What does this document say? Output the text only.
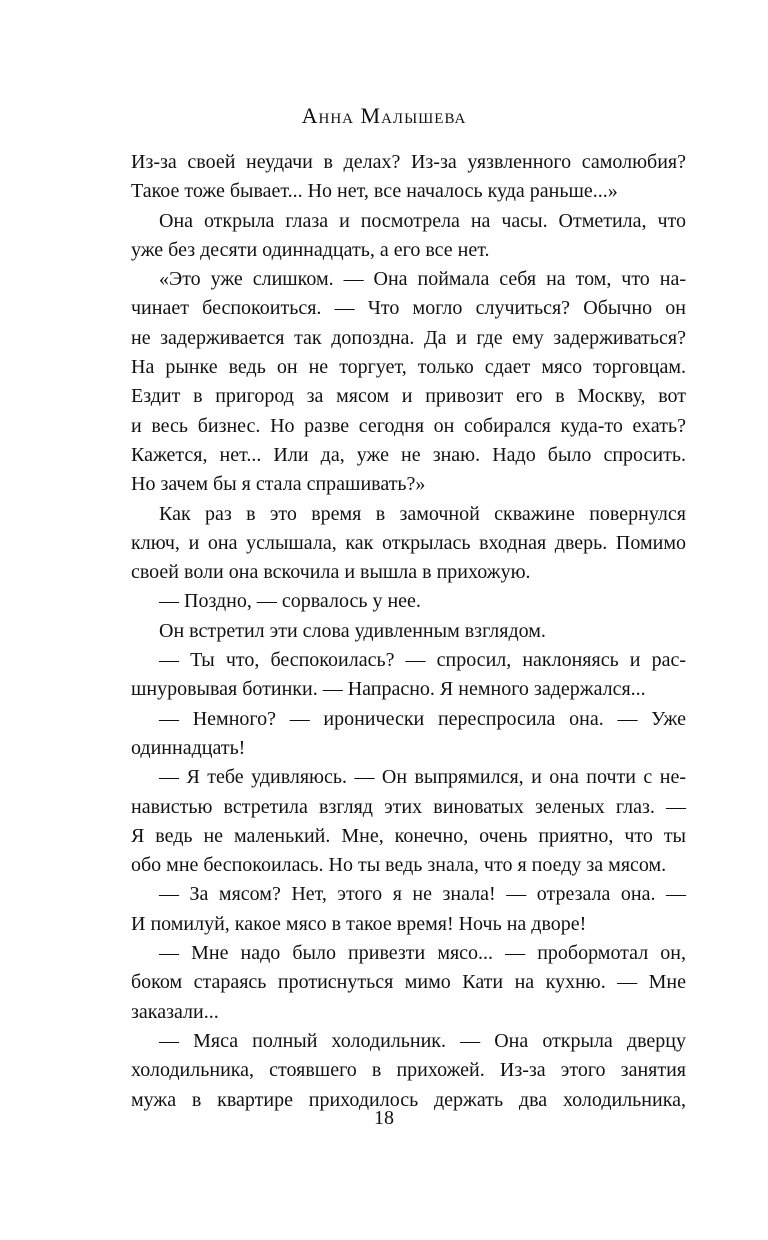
Анна Малышева
Из-за своей неудачи в делах? Из-за уязвленного самолюбия?
Такое тоже бывает... Но нет, все началось куда раньше...»
Она открыла глаза и посмотрела на часы. Отметила, что
уже без десяти одиннадцать, а его все нет.
«Это уже слишком. — Она поймала себя на том, что на-
чинает беспокоиться. — Что могло случиться? Обычно он
не задерживается так допоздна. Да и где ему задерживаться?
На рынке ведь он не торгует, только сдает мясо торговцам.
Ездит в пригород за мясом и привозит его в Москву, вот
и весь бизнес. Но разве сегодня он собирался куда-то ехать?
Кажется, нет... Или да, уже не знаю. Надо было спросить.
Но зачем бы я стала спрашивать?»
Как раз в это время в замочной скважине повернулся
ключ, и она услышала, как открылась входная дверь. Помимо
своей воли она вскочила и вышла в прихожую.
— Поздно, — сорвалось у нее.
Он встретил эти слова удивленным взглядом.
— Ты что, беспокоилась? — спросил, наклоняясь и рас-
шнуровывая ботинки. — Напрасно. Я немного задержался...
— Немного? — иронически переспросила она. — Уже
одиннадцать!
— Я тебе удивляюсь. — Он выпрямился, и она почти с не-
навистью встретила взгляд этих виноватых зеленых глаз. —
Я ведь не маленький. Мне, конечно, очень приятно, что ты
обо мне беспокоилась. Но ты ведь знала, что я поеду за мясом.
— За мясом? Нет, этого я не знала! — отрезала она. —
И помилуй, какое мясо в такое время! Ночь на дворе!
— Мне надо было привезти мясо... — пробормотал он,
боком стараясь протиснуться мимо Кати на кухню. — Мне
заказали...
— Мяса полный холодильник. — Она открыла дверцу
холодильника, стоявшего в прихожей. Из-за этого занятия
мужа в квартире приходилось держать два холодильника,
18
